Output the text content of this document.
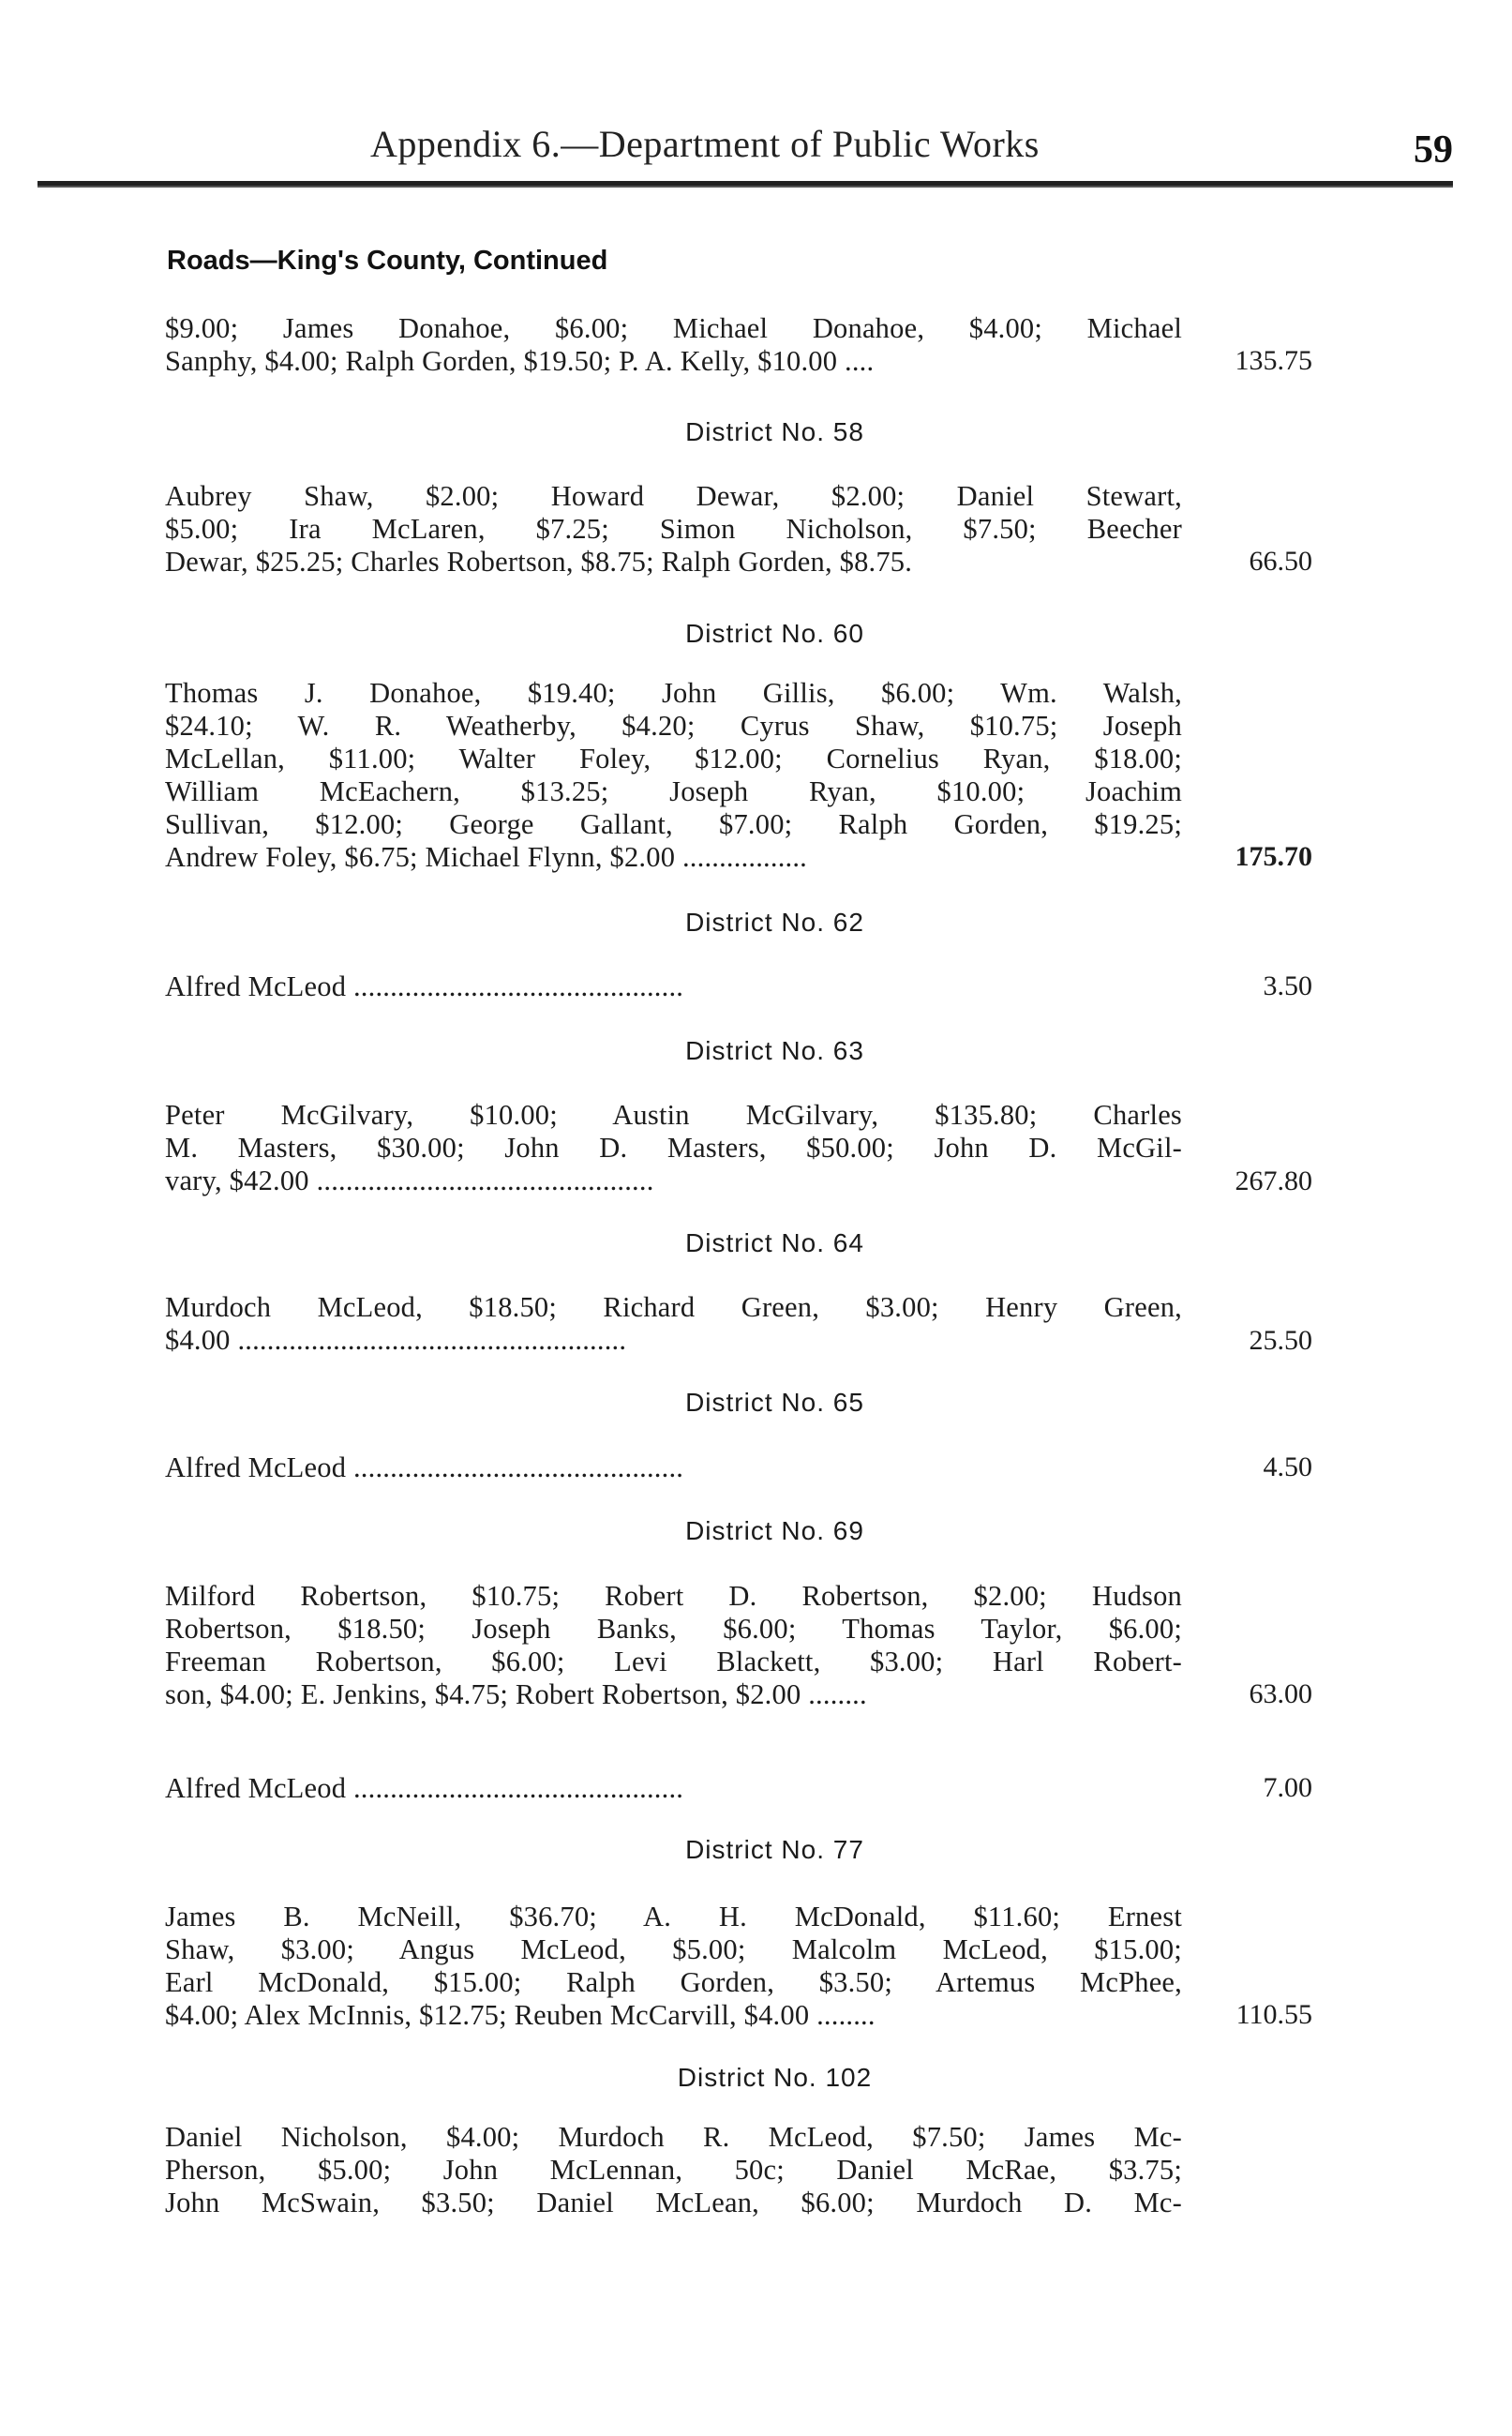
Appendix 6.—Department of Public Works	59
Roads—King's County, Continued
$9.00; James Donahoe, $6.00; Michael Donahoe, $4.00; Michael
Sanphy, $4.00; Ralph Gorden, $19.50; P. A. Kelly, $10.00 ....	135.75
District No. 58
Aubrey Shaw, $2.00; Howard Dewar, $2.00; Daniel Stewart,
$5.00; Ira McLaren, $7.25; Simon Nicholson, $7.50; Beecher
Dewar, $25.25; Charles Robertson, $8.75; Ralph Gorden, $8.75.	66.50
District No. 60
Thomas J. Donahoe, $19.40; John Gillis, $6.00; Wm. Walsh,
$24.10; W. R. Weatherby, $4.20; Cyrus Shaw, $10.75; Joseph
McLellan, $11.00; Walter Foley, $12.00; Cornelius Ryan, $18.00;
William McEachern, $13.25; Joseph Ryan, $10.00; Joachim
Sullivan, $12.00; George Gallant, $7.00; Ralph Gorden, $19.25;
Andrew Foley, $6.75; Michael Flynn, $2.00 .................	175.70
District No. 62
Alfred McLeod .............................................	3.50
District No. 63
Peter McGilvary, $10.00; Austin McGilvary, $135.80; Charles
M. Masters, $30.00; John D. Masters, $50.00; John D. McGil-
vary, $42.00 ..............................................	267.80
District No. 64
Murdoch McLeod, $18.50; Richard Green, $3.00; Henry Green,
$4.00 .....................................................	25.50
District No. 65
Alfred McLeod .............................................	4.50
District No. 69
Milford Robertson, $10.75; Robert D. Robertson, $2.00; Hudson
Robertson, $18.50; Joseph Banks, $6.00; Thomas Taylor, $6.00;
Freeman Robertson, $6.00; Levi Blackett, $3.00; Harl Robert-
son, $4.00; E. Jenkins, $4.75; Robert Robertson, $2.00 ........	63.00
Alfred McLeod .............................................	7.00
District No. 77
James B. McNeill, $36.70; A. H. McDonald, $11.60; Ernest
Shaw, $3.00; Angus McLeod, $5.00; Malcolm McLeod, $15.00;
Earl McDonald, $15.00; Ralph Gorden, $3.50; Artemus McPhee,
$4.00; Alex McInnis, $12.75; Reuben McCarvill, $4.00 ........	110.55
District No. 102
Daniel Nicholson, $4.00; Murdoch R. McLeod, $7.50; James Mc-
Pherson, $5.00; John McLennan, 50c; Daniel McRae, $3.75;
John McSwain, $3.50; Daniel McLean, $6.00; Murdoch D. Mc-
